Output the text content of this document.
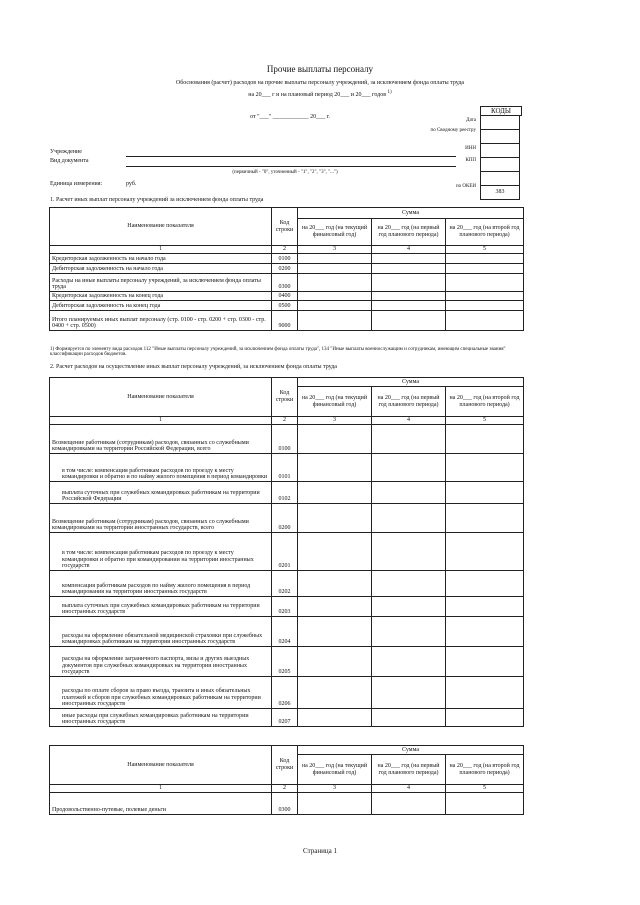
Прочие выплаты персоналу
Обоснования (расчет) расходов на прочие выплаты персоналу учреждений, за исключением фонда оплаты труда
на 20___ г и на плановый период 20___ и 20___ годов $^{1)}$
от "___" ____________ 20___ г.
КОДЫ

383
Дата
по Сводному реестру
ИНН
КПП
по ОКЕИ
Учреждение
Вид документа
(первичный - "0", уточненный - "1", "2", "3", "...")
Единица измерения:	руб.
1. Расчет иных выплат персоналу учреждений за исключением фонда оплаты труда
Наименование показателя	Код строки	Сумма		
		на 20___ год (на текущий финансовый год)	на 20___ год (на первый год планового периода)	на 20___ год (на второй год планового периода)
1	2	3	4	5
Кредиторская задолженность на начало года	0100			
Дебиторская задолженность на начало года	0200			
Расходы на иные выплаты персоналу учреждений, за исключением фонда оплаты труда	0300			
Кредиторская задолженность на конец года	0400			
Дебиторская задолженность на конец года	0500			
Итого планируемых иных выплат персоналу (стр. 0100 - стр. 0200 + стр. 0300 - стр. 0400 + стр. 0500)	9000			
1) Формируется по элементу вида расходов 112 "Иные выплаты персоналу учреждений, за исключением фонда оплаты труда", 134 "Иные выплаты военнослужащим и сотрудникам, имеющим специальные звания" классификации расходов бюджетов.
2. Расчет расходов на осуществление иных выплат персоналу учреждений, за исключением фонда оплаты труда
Наименование показателя	Код строки	Сумма		
		на 20___ год (на текущий финансовый год)	на 20___ год (на первый год планового периода)	на 20___ год (на второй год планового периода)
1	2	3	4	5
Возмещение работникам (сотрудникам) расходов, связанных со служебными командировками на территории Российской Федерации, всего	0100			
в том числе: компенсация работникам расходов по проезду к месту командировки и обратно и по найму жилого помещения в период командировки	0101			
выплата суточных при служебных командировках работникам на территории Российской Федерации	0102			
Возмещение работникам (сотрудникам) расходов, связанных со служебными командировками на территории иностранных государств, всего	0200			
в том числе: компенсация работникам расходов по проезду к месту командировки и обратно при командировании на территории иностранных государств	0201			
компенсация работникам расходов по найму жилого помещения в период командирования на территории иностранных государств	0202			
выплата суточных при служебных командировках работникам на территории иностранных государств	0203			
расходы на оформление обязательной медицинской страховки при служебных командировках работникам на территории иностранных государств	0204			
расходы на оформление заграничного паспорта, визы и других выездных документов при служебных командировках на территории иностранных государств	0205			
расходы по оплате сборов за право въезда, транзита и иных обязательных платежей и сборов при служебных командировках работникам на территории иностранных государств	0206			
иные расходы при служебных командировках работникам на территории иностранных государств	0207			
Наименование показателя	Код строки	Сумма		
		на 20___ год (на текущий финансовый год)	на 20___ год (на первый год планового периода)	на 20___ год (на второй год планового периода)
1	2	3	4	5
Продовольственно-путевые, полевые деньги	0300			
Страница 1
